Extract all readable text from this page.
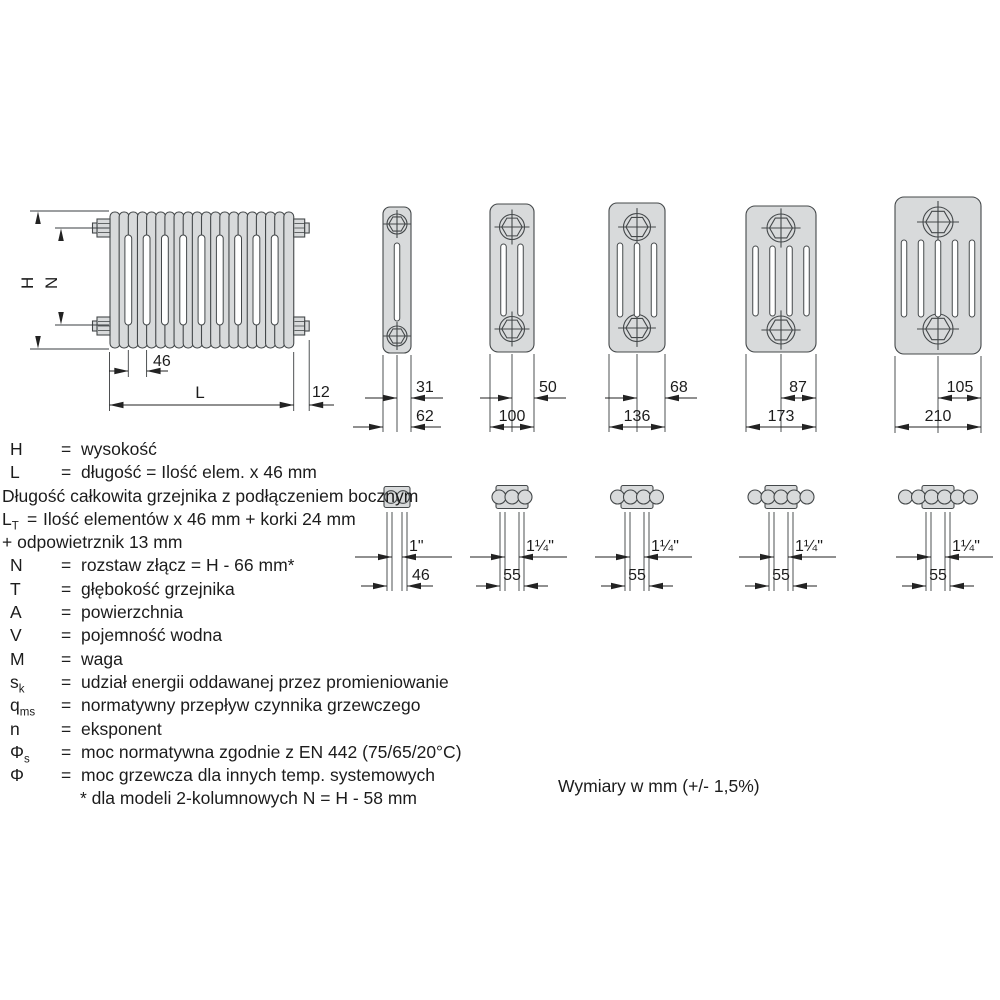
H N
46
L	12	31
62
50
100
68
136
87
173
105
210
1"
46
1¼"
55
1¼"
55
1¼"
55
1¼"
55
H = wysokość
L = długość = Ilość elem. x 46 mm
Długość całkowita grzejnika z podłączeniem bocznym
$L_T$ = Ilość elementów x 46 mm + korki 24 mm
+ odpowietrznik 13 mm
N = rozstaw złącz = H - 66 mm*
T = głębokość grzejnika
A = powierzchnia
V = pojemność wodna
M = waga
$s_k$ = udział energii oddawanej przez promieniowanie
$q_{ms}$ = normatywny przepływ czynnika grzewczego
n = eksponent
$\Phi_s$ = moc normatywna zgodnie z EN 442 (75/65/20°C)
Φ = moc grzewcza dla innych temp. systemowych
* dla modeli 2-kolumnowych N = H - 58 mm
Wymiary w mm (+/- 1,5%)
